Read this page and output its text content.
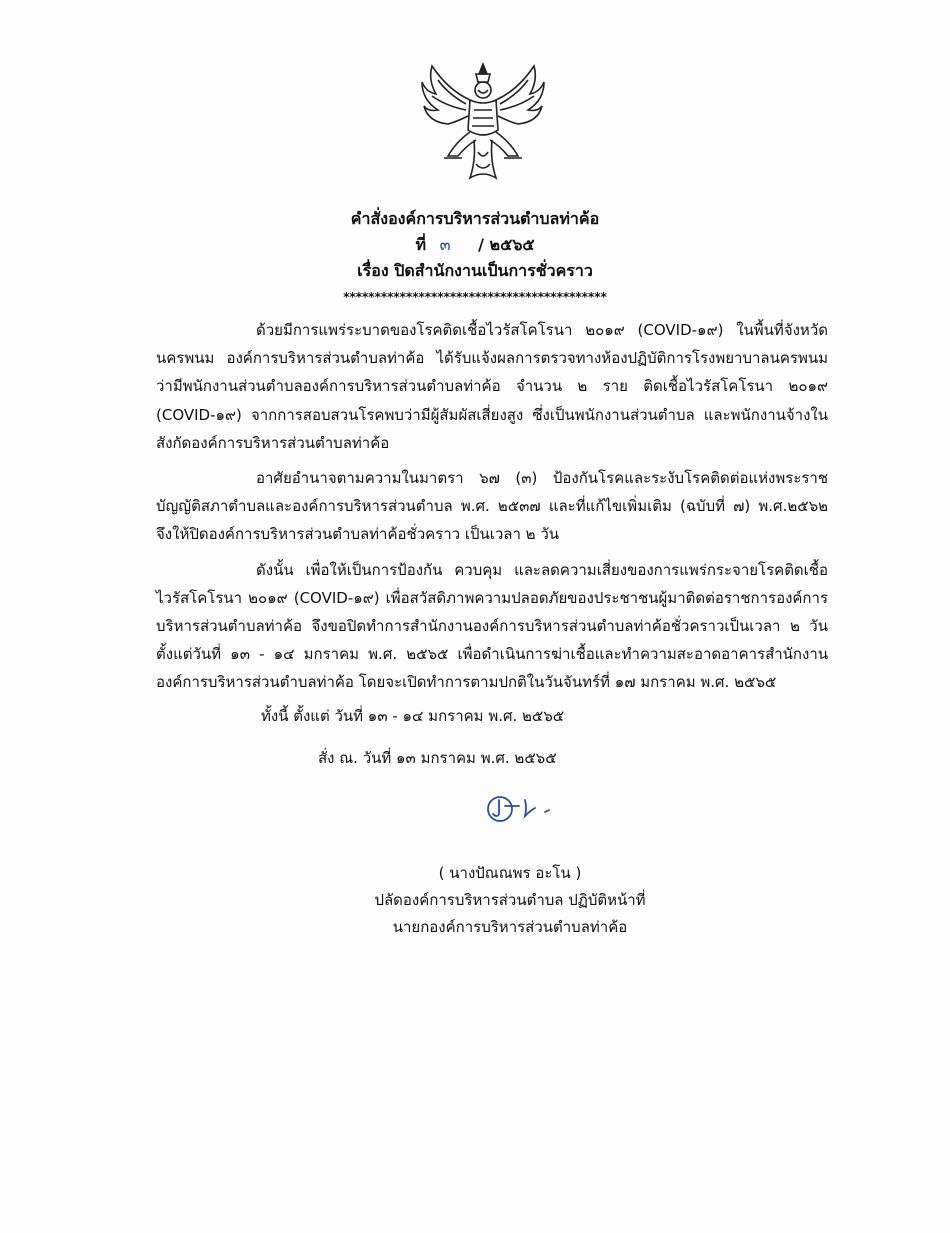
คำสั่งองค์การบริหารส่วนตำบลท่าค้อ
ที่ ๓ / ๒๕๖๕
เรื่อง ปิดสำนักงานเป็นการชั่วคราว
******************************************

ด้วยมีการแพร่ระบาดของโรคติดเชื้อไวรัสโคโรนา ๒๐๑๙ (COVID-๑๙) ในพื้นที่จังหวัดนครพนม องค์การบริหารส่วนตำบลท่าค้อ ได้รับแจ้งผลการตรวจทางห้องปฏิบัติการโรงพยาบาลนครพนมว่ามีพนักงานส่วนตำบลองค์การบริหารส่วนตำบลท่าค้อ จำนวน ๒ ราย ติดเชื้อไวรัสโคโรนา ๒๐๑๙ (COVID-๑๙) จากการสอบสวนโรคพบว่ามีผู้สัมผัสเสี่ยงสูง ซึ่งเป็นพนักงานส่วนตำบล และพนักงานจ้างในสังกัดองค์การบริหารส่วนตำบลท่าค้อ

อาศัยอำนาจตามความในมาตรา ๖๗ (๓) ป้องกันโรคและระงับโรคติดต่อแห่งพระราชบัญญัติสภาตำบลและองค์การบริหารส่วนตำบล พ.ศ. ๒๕๓๗ และที่แก้ไขเพิ่มเติม (ฉบับที่ ๗) พ.ศ.๒๕๖๒ จึงให้ปิดองค์การบริหารส่วนตำบลท่าค้อชั่วคราว เป็นเวลา ๒ วัน

ดังนั้น เพื่อให้เป็นการป้องกัน ควบคุม และลดความเสี่ยงของการแพร่กระจายโรคติดเชื้อไวรัสโคโรนา ๒๐๑๙ (COVID-๑๙) เพื่อสวัสดิภาพความปลอดภัยของประชาชนผู้มาติดต่อราชการองค์การบริหารส่วนตำบลท่าค้อ จึงขอปิดทำการสำนักงานองค์การบริหารส่วนตำบลท่าค้อชั่วคราวเป็นเวลา ๒ วัน ตั้งแต่วันที่ ๑๓ - ๑๔ มกราคม พ.ศ. ๒๕๖๕ เพื่อดำเนินการฆ่าเชื้อและทำความสะอาดอาคารสำนักงานองค์การบริหารส่วนตำบลท่าค้อ โดยจะเปิดทำการตามปกติในวันจันทร์ที่ ๑๗ มกราคม พ.ศ. ๒๕๖๕

ทั้งนี้ ตั้งแต่ วันที่ ๑๓ - ๑๔ มกราคม พ.ศ. ๒๕๖๕
สั่ง ณ. วันที่ ๑๓ มกราคม พ.ศ. ๒๕๖๕
( นางปัณณพร อะโน )
ปลัดองค์การบริหารส่วนตำบล ปฏิบัติหน้าที่
นายกองค์การบริหารส่วนตำบลท่าค้อ
